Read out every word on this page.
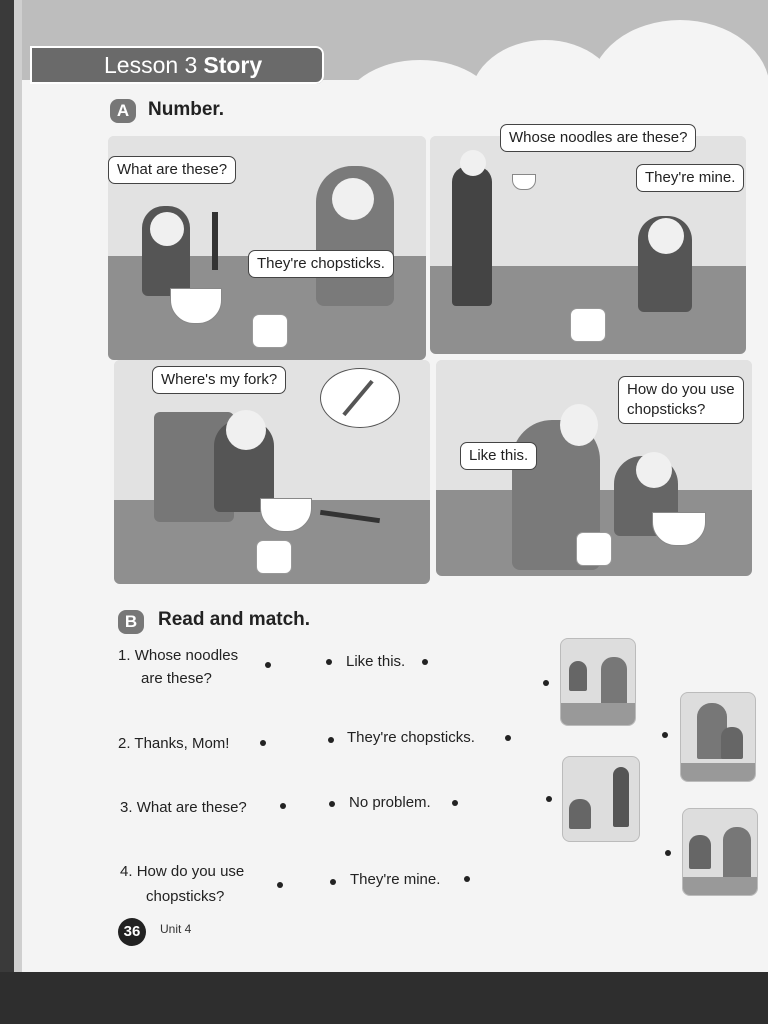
Lesson 3 Story
A Number.
What are these?
They're chopsticks.
Whose noodles are these?
They're mine.
Where's my fork?
How do you use
chopsticks?
Like this.
B	Read and match.
1. Whose noodles
are these?
2. Thanks, Mom!
3. What are these?
4. How do you use
chopsticks?
Like this.
They're chopsticks.
No problem.
They're mine.
36	Unit 4
